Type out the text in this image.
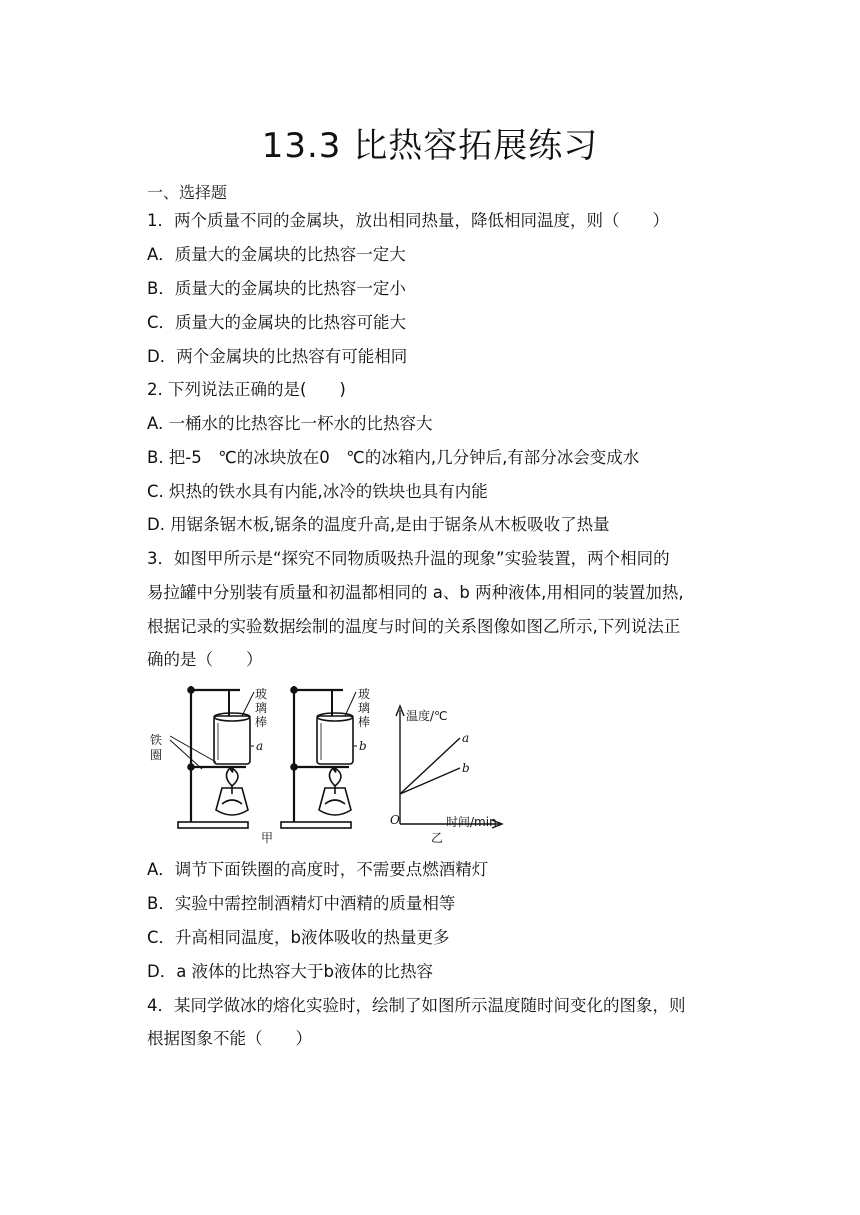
13.3 比热容拓展练习
一、选择题
1．两个质量不同的金属块，放出相同热量，降低相同温度，则（　　）
A．质量大的金属块的比热容一定大
B．质量大的金属块的比热容一定小
C．质量大的金属块的比热容可能大
D．两个金属块的比热容有可能相同
2. 下列说法正确的是(　　)
A. 一桶水的比热容比一杯水的比热容大
B. 把-5　℃的冰块放在0　℃的冰箱内,几分钟后,有部分冰会变成水
C. 炽热的铁水具有内能,冰冷的铁块也具有内能
D. 用锯条锯木板,锯条的温度升高,是由于锯条从木板吸收了热量
3．如图甲所示是“探究不同物质吸热升温的现象”实验装置，两个相同的
易拉罐中分别装有质量和初温都相同的 a、b 两种液体,用相同的装置加热,
根据记录的实验数据绘制的温度与时间的关系图像如图乙所示,下列说法正
确的是（　　）
玻
璃
棒
玻
璃
棒
铁
圈
a	b
甲	乙
温度/℃
时间/min
O
a
b
A．调节下面铁圈的高度时，不需要点燃酒精灯
B．实验中需控制酒精灯中酒精的质量相等
C．升高相同温度，b液体吸收的热量更多
D．a 液体的比热容大于b液体的比热容
4．某同学做冰的熔化实验时，绘制了如图所示温度随时间变化的图象，则
根据图象不能（　　）
